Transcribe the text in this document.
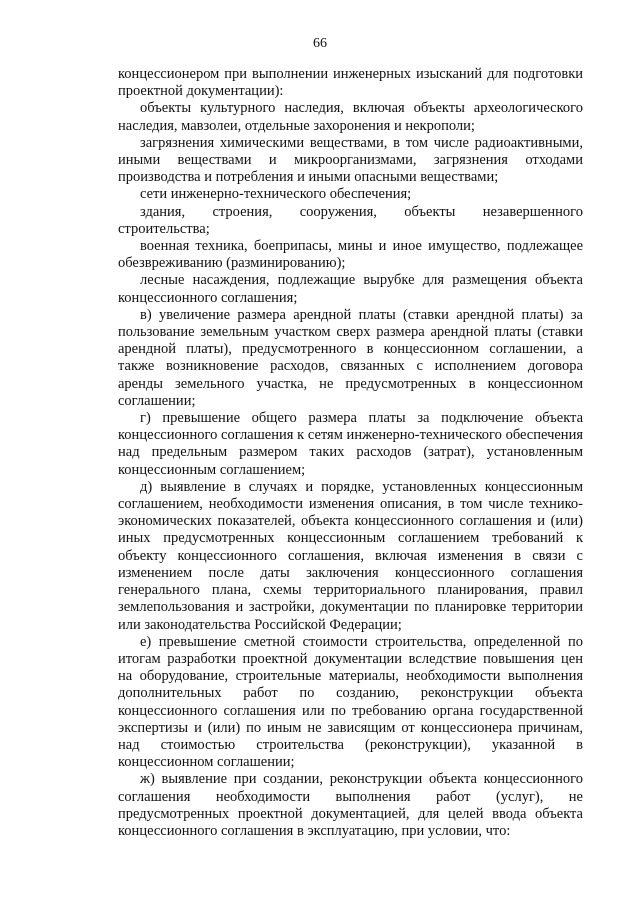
66

концессионером при выполнении инженерных изысканий для подготовки проектной документации):

объекты культурного наследия, включая объекты археологического наследия, мавзолеи, отдельные захоронения и некрополи;

загрязнения химическими веществами, в том числе радиоактивными, иными веществами и микроорганизмами, загрязнения отходами производства и потребления и иными опасными веществами;

сети инженерно-технического обеспечения;

здания, строения, сооружения, объекты незавершенного строительства;

военная техника, боеприпасы, мины и иное имущество, подлежащее обезвреживанию (разминированию);

лесные насаждения, подлежащие вырубке для размещения объекта концессионного соглашения;

в) увеличение размера арендной платы (ставки арендной платы) за пользование земельным участком сверх размера арендной платы (ставки арендной платы), предусмотренного в концессионном соглашении, а также возникновение расходов, связанных с исполнением договора аренды земельного участка, не предусмотренных в концессионном соглашении;

г) превышение общего размера платы за подключение объекта концессионного соглашения к сетям инженерно-технического обеспечения над предельным размером таких расходов (затрат), установленным концессионным соглашением;

д) выявление в случаях и порядке, установленных концессионным соглашением, необходимости изменения описания, в том числе технико-экономических показателей, объекта концессионного соглашения и (или) иных предусмотренных концессионным соглашением требований к объекту концессионного соглашения, включая изменения в связи с изменением после даты заключения концессионного соглашения генерального плана, схемы территориального планирования, правил землепользования и застройки, документации по планировке территории или законодательства Российской Федерации;

е) превышение сметной стоимости строительства, определенной по итогам разработки проектной документации вследствие повышения цен на оборудование, строительные материалы, необходимости выполнения дополнительных работ по созданию, реконструкции объекта концессионного соглашения или по требованию органа государственной экспертизы и (или) по иным не зависящим от концессионера причинам, над стоимостью строительства (реконструкции), указанной в концессионном соглашении;

ж) выявление при создании, реконструкции объекта концессионного соглашения необходимости выполнения работ (услуг), не предусмотренных проектной документацией, для целей ввода объекта концессионного соглашения в эксплуатацию, при условии, что:
